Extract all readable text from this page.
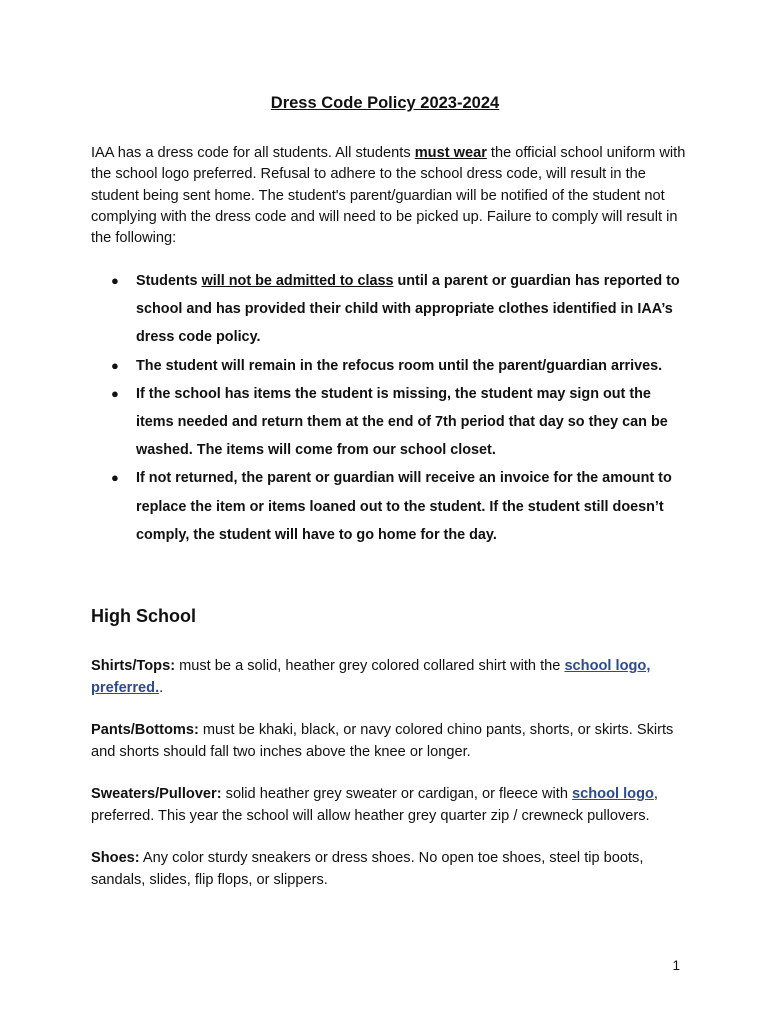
Dress Code Policy 2023-2024

IAA has a dress code for all students. All students must wear the official school uniform with the school logo preferred. Refusal to adhere to the school dress code, will result in the student being sent home. The student's parent/guardian will be notified of the student not complying with the dress code and will need to be picked up. Failure to comply will result in the following:

● Students will not be admitted to class until a parent or guardian has reported to school and has provided their child with appropriate clothes identified in IAA’s dress code policy.
● The student will remain in the refocus room until the parent/guardian arrives.
● If the school has items the student is missing, the student may sign out the items needed and return them at the end of 7th period that day so they can be washed. The items will come from our school closet.
● If not returned, the parent or guardian will receive an invoice for the amount to replace the item or items loaned out to the student. If the student still doesn’t comply, the student will have to go home for the day.
High School

Shirts/Tops: must be a solid, heather grey colored collared shirt with the school logo, preferred..

Pants/Bottoms: must be khaki, black, or navy colored chino pants, shorts, or skirts. Skirts and shorts should fall two inches above the knee or longer.

Sweaters/Pullover: solid heather grey sweater or cardigan, or fleece with school logo, preferred. This year the school will allow heather grey quarter zip / crewneck pullovers.

Shoes: Any color sturdy sneakers or dress shoes. No open toe shoes, steel tip boots, sandals, slides, flip flops, or slippers.

1
